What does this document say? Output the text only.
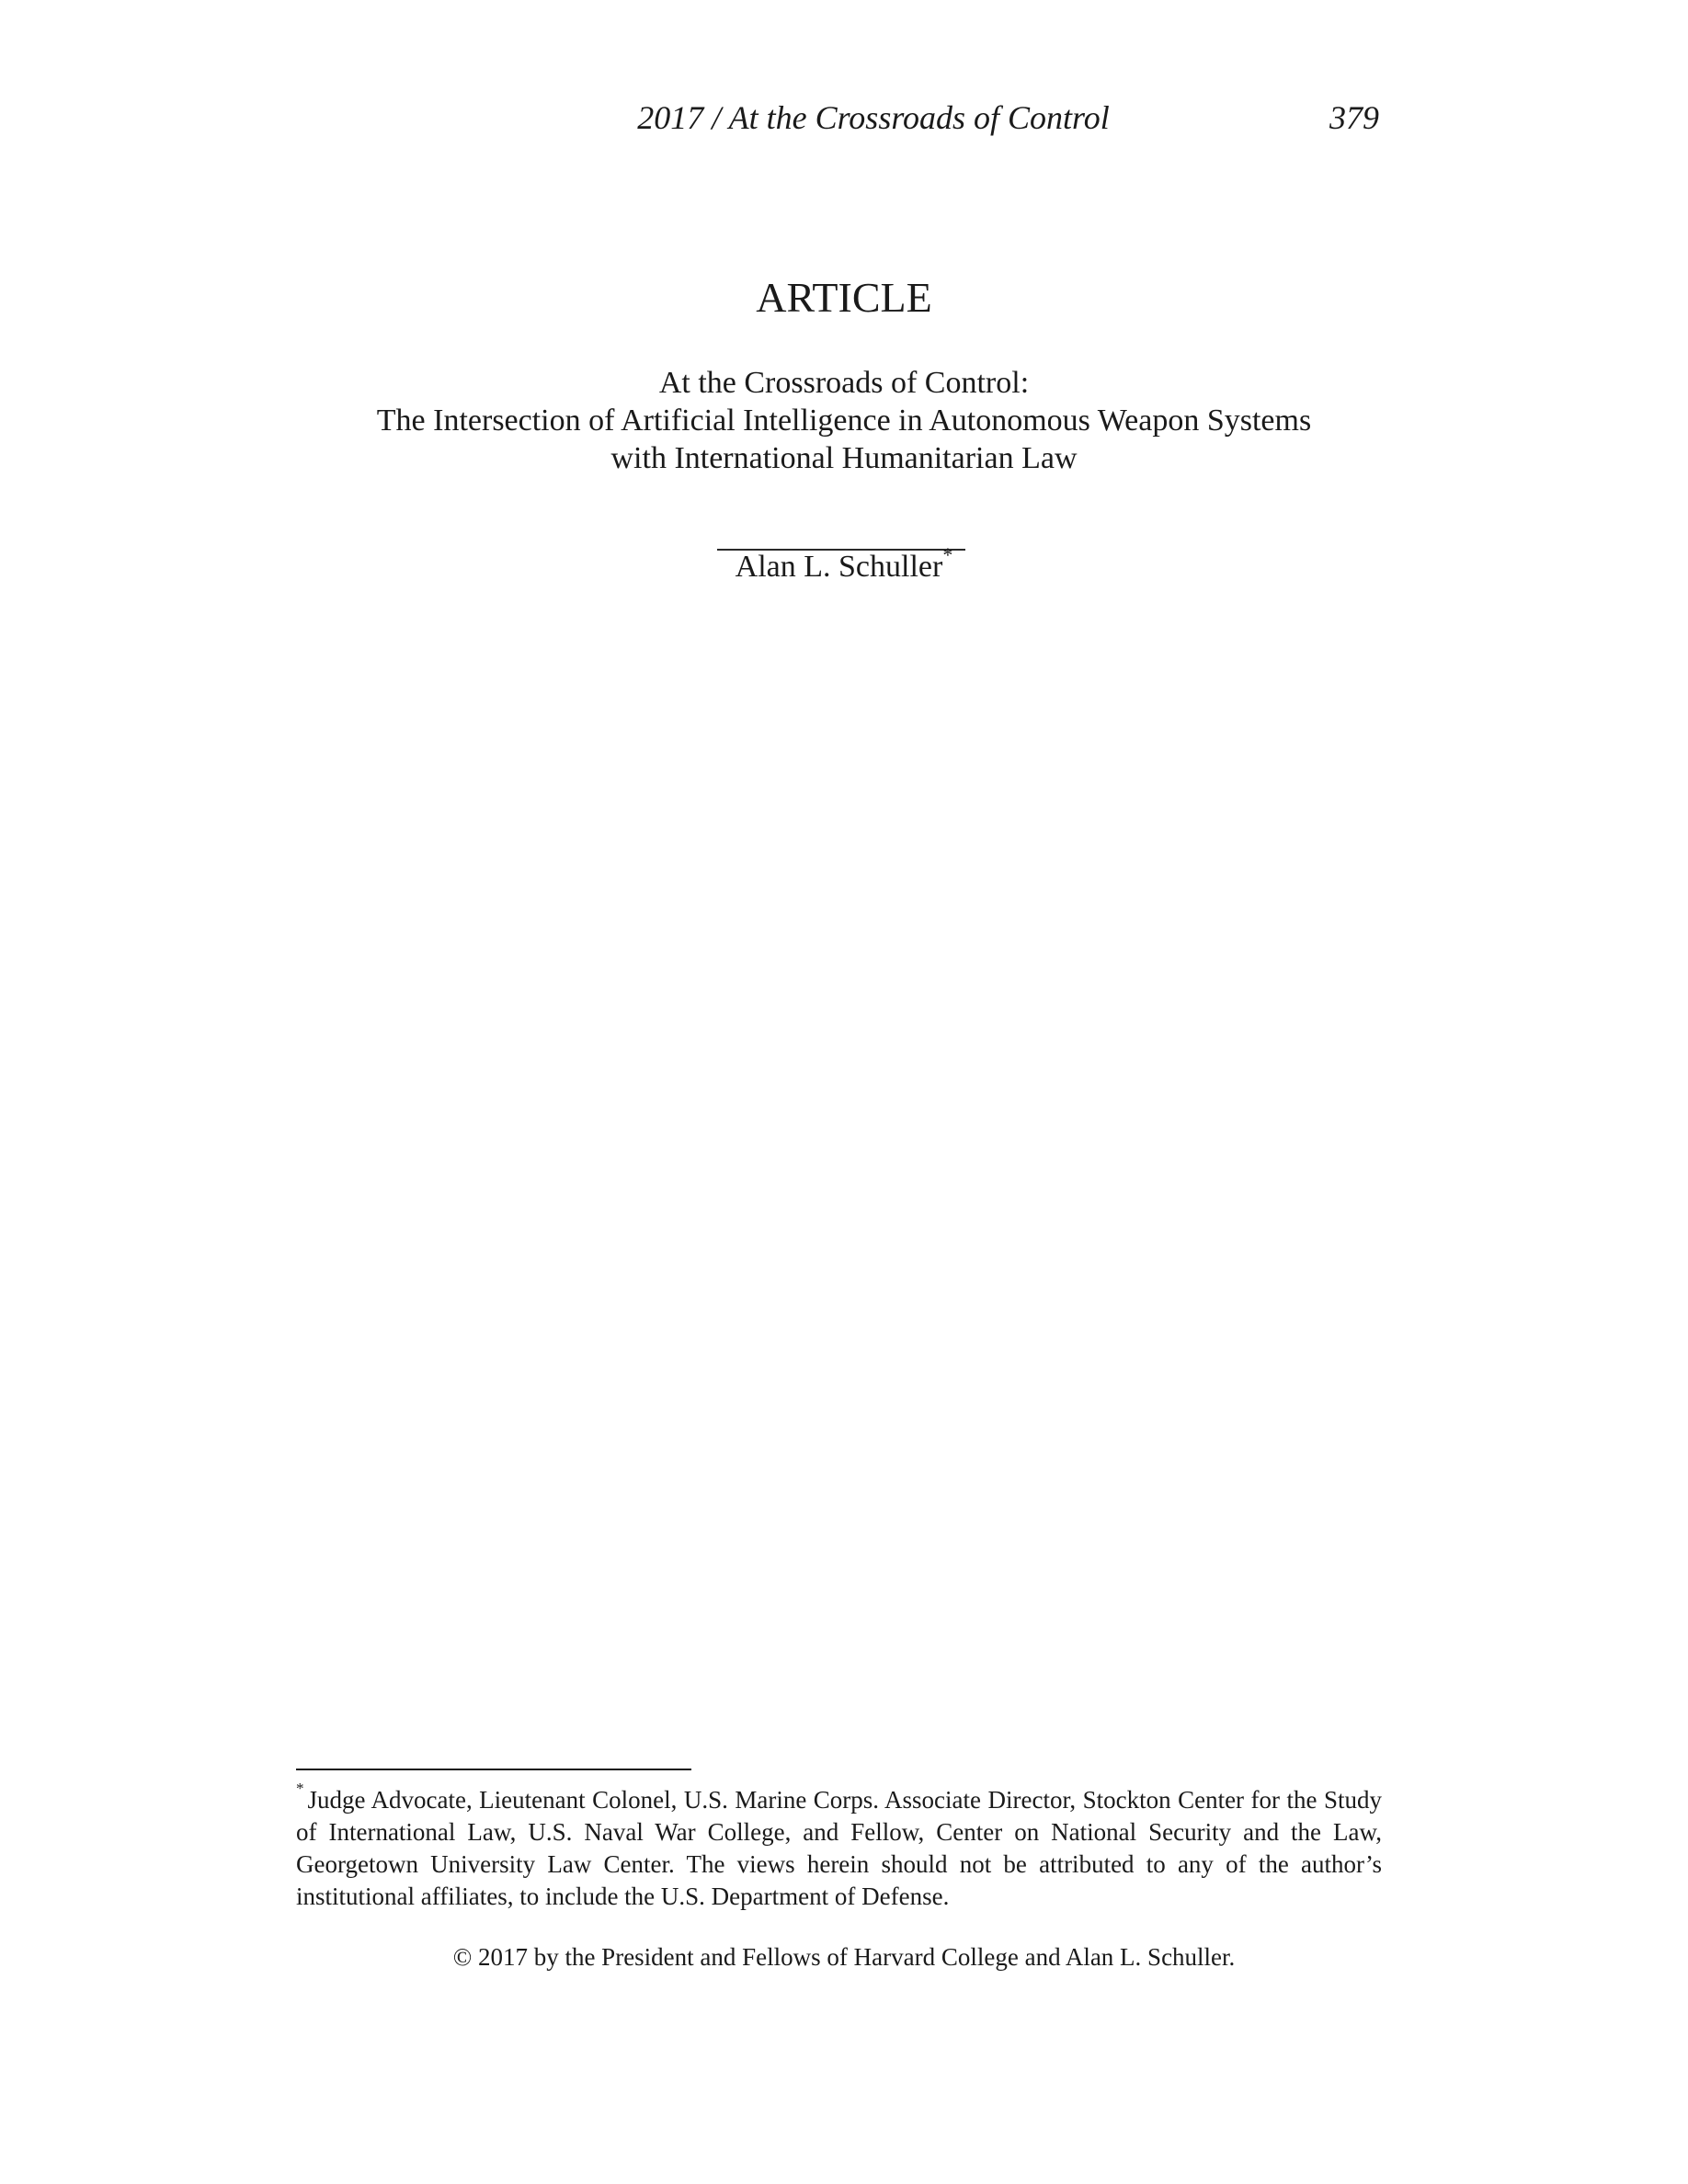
2017 / At the Crossroads of Control	379
ARTICLE
At the Crossroads of Control:
The Intersection of Artificial Intelligence in Autonomous Weapon Systems
with International Humanitarian Law
Alan L. Schuller*
* Judge Advocate, Lieutenant Colonel, U.S. Marine Corps. Associate Director, Stockton Center for the Study of International Law, U.S. Naval War College, and Fellow, Center on National Security and the Law, Georgetown University Law Center. The views herein should not be attributed to any of the author’s institutional affiliates, to include the U.S. Department of Defense.
© 2017 by the President and Fellows of Harvard College and Alan L. Schuller.
